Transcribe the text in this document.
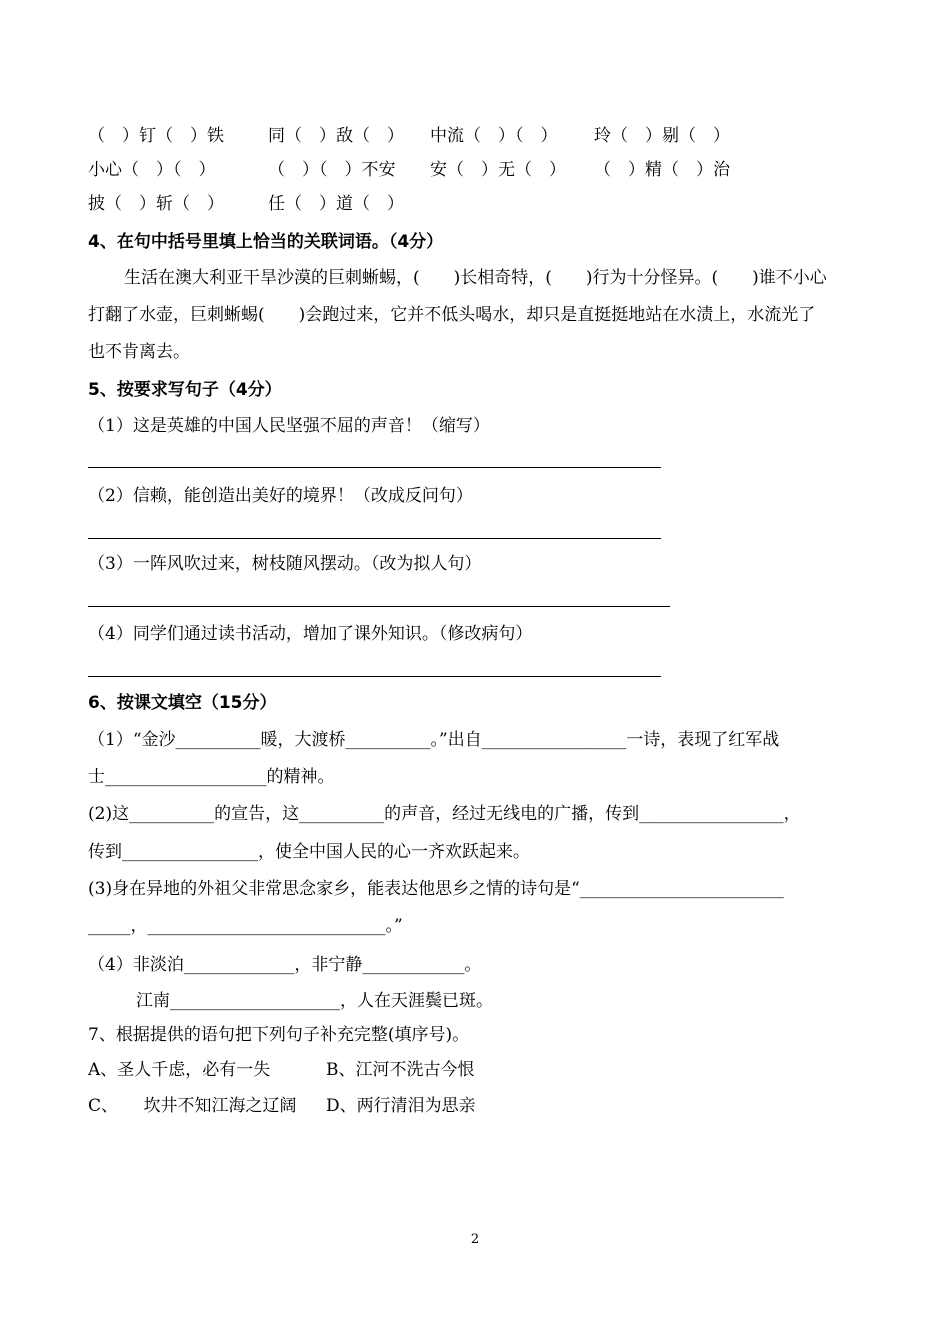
（　）钉（　）铁	同（　）敌（　） 中流（　）（　） 玲（　）剔（　）
小心（　）（　）	（　）（　）不安 安（　）无（　） （　）精（　）治
披（　）斩（　）	任（　）道（　）
4、在句中括号里填上恰当的关联词语。（4分）
生活在澳大利亚干旱沙漠的巨刺蜥蜴，(　　)长相奇特，(　　)行为十分怪异。(　　)谁不小心
打翻了水壶，巨刺蜥蜴(　　)会跑过来，它并不低头喝水，却只是直挺挺地站在水渍上，水流光了
也不肯离去。
5、按要求写句子（4分）
（1）这是英雄的中国人民坚强不屈的声音！（缩写）
（2）信赖，能创造出美好的境界！（改成反问句）
（3）一阵风吹过来，树枝随风摆动。（改为拟人句）
（4）同学们通过读书活动，增加了课外知识。（修改病句）
6、按课文填空（15分）
（1）“金沙__________暖，大渡桥__________。”出自_________________一诗，表现了红军战
士___________________的精神。
(2)这__________的宣告，这__________的声音，经过无线电的广播，传到_________________，
传到________________，使全中国人民的心一齐欢跃起来。
(3)身在异地的外祖父非常思念家乡，能表达他思乡之情的诗句是“________________________
_____，____________________________。”
（4）非淡泊_____________，非宁静____________。
江南____________________，人在天涯鬓已斑。
7、根据提供的语句把下列句子补充完整(填序号)。
A、圣人千虑，必有一失	B、江河不洗古今恨
C、　　坎井不知江海之辽阔 D、两行清泪为思亲
2
